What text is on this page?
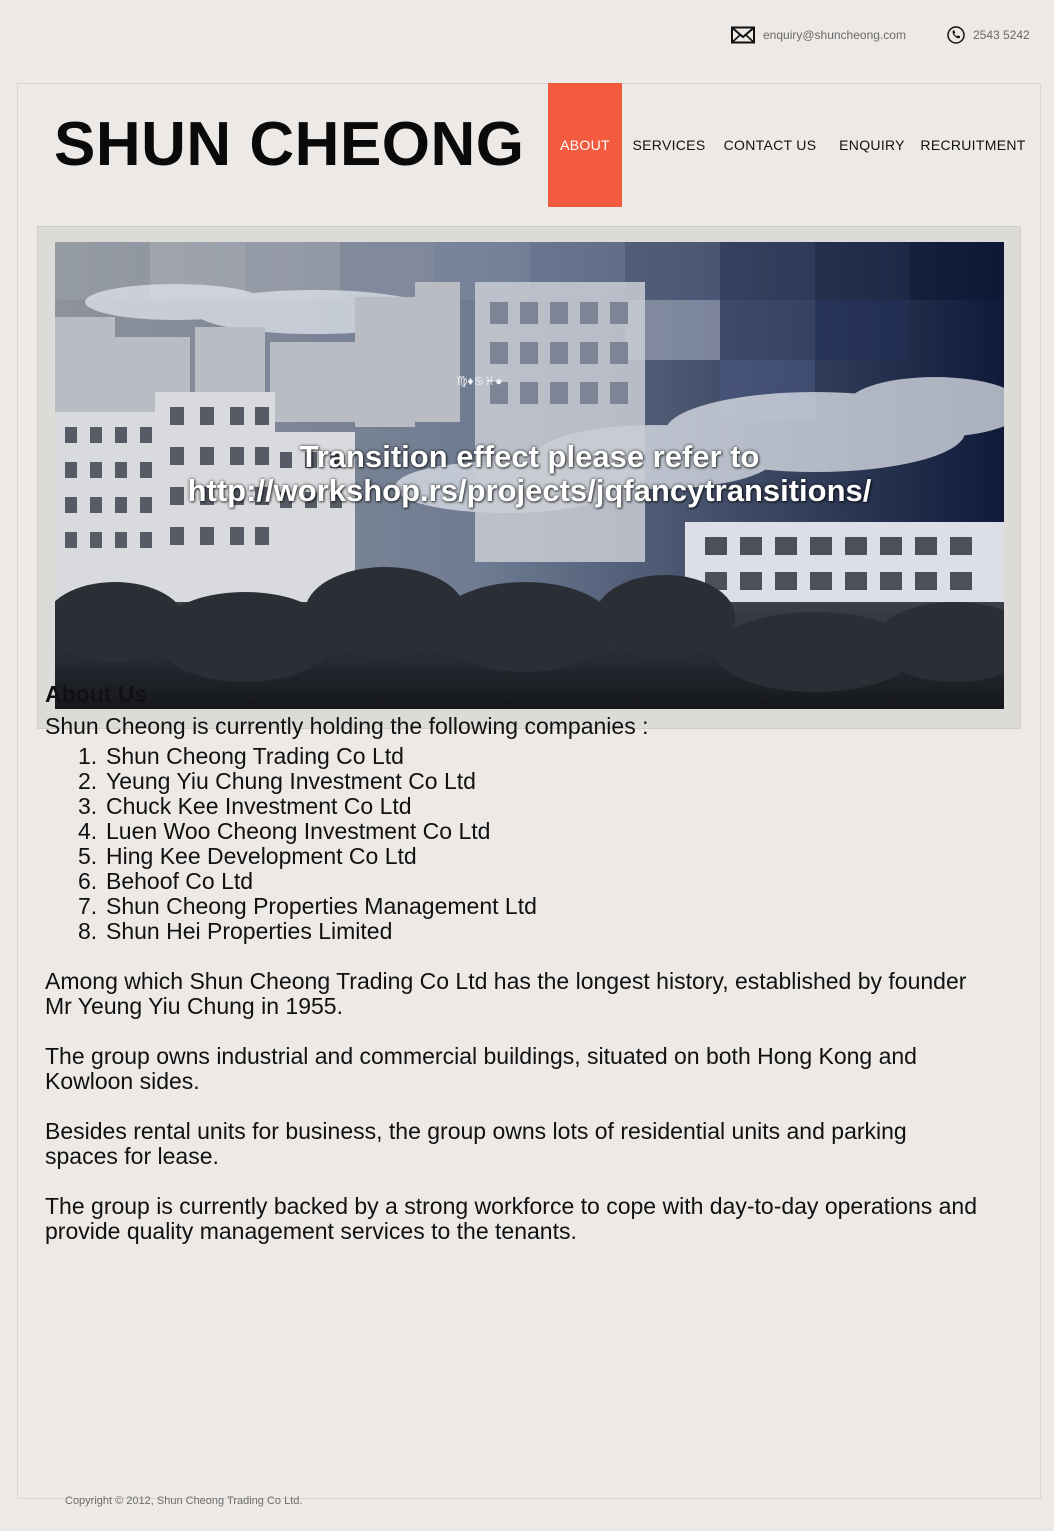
enquiry@shuncheong.com	2543 5242
SHUN CHEONG	ABOUT	SERVICES	CONTACT US	ENQUIRY	RECRUITMENT
♍♦♋♓●
Transition effect please refer to
http://workshop.rs/projects/jqfancytransitions/
About Us

Shun Cheong is currently holding the following companies :

1. Shun Cheong Trading Co Ltd
2. Yeung Yiu Chung Investment Co Ltd
3. Chuck Kee Investment Co Ltd
4. Luen Woo Cheong Investment Co Ltd
5. Hing Kee Development Co Ltd
6. Behoof Co Ltd
7. Shun Cheong Properties Management Ltd
8. Shun Hei Properties Limited

Among which Shun Cheong Trading Co Ltd has the longest history, established by founder Mr Yeung Yiu Chung in 1955.

The group owns industrial and commercial buildings, situated on both Hong Kong and Kowloon sides.

Besides rental units for business, the group owns lots of residential units and parking spaces for lease.

The group is currently backed by a strong workforce to cope with day-to-day operations and provide quality management services to the tenants.

Copyright © 2012, Shun Cheong Trading Co Ltd.
